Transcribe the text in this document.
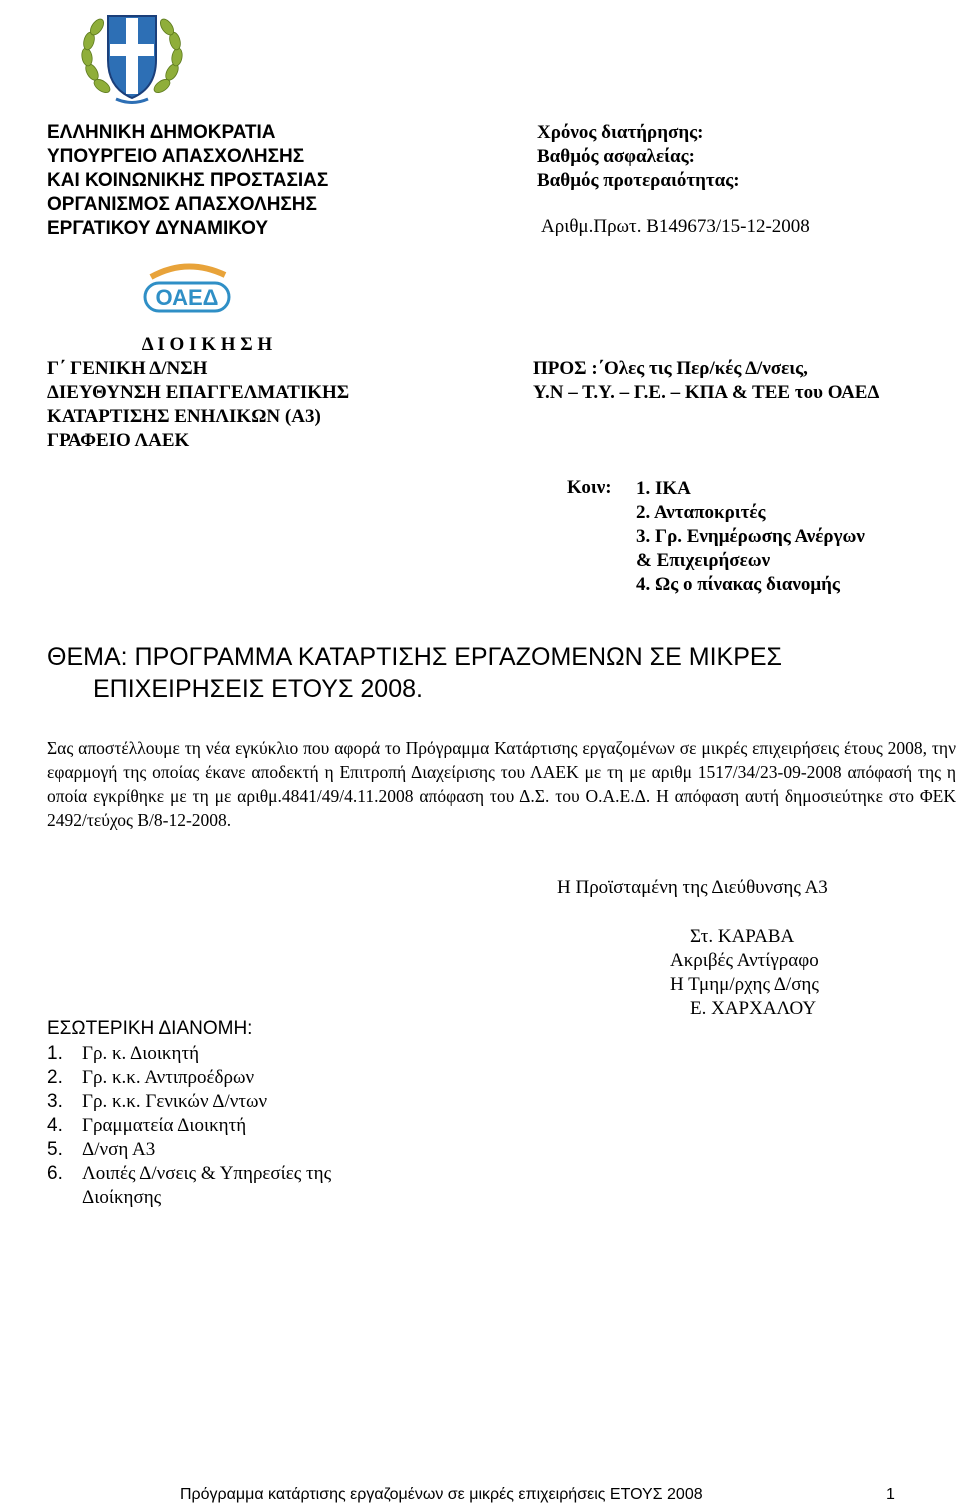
ΕΛΛΗΝΙΚΗ ΔΗΜΟΚΡΑΤΙΑ
ΥΠΟΥΡΓΕΙΟ ΑΠΑΣΧΟΛΗΣΗΣ
ΚΑΙ ΚΟΙΝΩΝΙΚΗΣ ΠΡΟΣΤΑΣΙΑΣ
ΟΡΓΑΝΙΣΜΟΣ ΑΠΑΣΧΟΛΗΣΗΣ
ΕΡΓΑΤΙΚΟΥ ΔΥΝΑΜΙΚΟΥ
Χρόνος διατήρησης:
Βαθμός ασφαλείας:
Βαθμός προτεραιότητας:
Αριθμ.Πρωτ. Β149673/15-12-2008
ΟΑΕΔ
Δ Ι Ο Ι Κ Η Σ Η
Γ΄ ΓΕΝΙΚΗ Δ/ΝΣΗ
ΔΙΕΥΘΥΝΣΗ ΕΠΑΓΓΕΛΜΑΤΙΚΗΣ
ΚΑΤΑΡΤΙΣΗΣ ΕΝΗΛΙΚΩΝ (Α3)
ΓΡΑΦΕΙΟ ΛΑΕΚ
ΠΡΟΣ :΄Ολες τις Περ/κές Δ/νσεις,
Υ.Ν – Τ.Υ. – Γ.Ε. – ΚΠΑ & ΤΕΕ του ΟΑΕΔ
Κοιν: 1. ΙΚΑ
2. Ανταποκριτές
3. Γρ. Ενημέρωσης Ανέργων
& Επιχειρήσεων
4. Ως ο πίνακας διανομής
ΘΕΜΑ: ΠΡΟΓΡΑΜΜΑ ΚΑΤΑΡΤΙΣΗΣ ΕΡΓΑΖΟΜΕΝΩΝ ΣΕ ΜΙΚΡΕΣ
ΕΠΙΧΕΙΡΗΣΕΙΣ ΕΤΟΥΣ 2008.
Σας αποστέλλουμε τη νέα εγκύκλιο που αφορά το Πρόγραμμα Κατάρτισης εργαζομένων σε μικρές επιχειρήσεις έτους 2008, την εφαρμογή της οποίας έκανε αποδεκτή η Επιτροπή Διαχείρισης του ΛΑΕΚ με τη με αριθμ 1517/34/23-09-2008 απόφασή της η οποία εγκρίθηκε με τη με αριθμ.4841/49/4.11.2008 απόφαση του Δ.Σ. του Ο.Α.Ε.Δ. Η απόφαση αυτή δημοσιεύτηκε στο ΦΕΚ 2492/τεύχος Β/8-12-2008.
Η Προϊσταμένη της Διεύθυνσης Α3
Στ. ΚΑΡΑΒΑ
Ακριβές Αντίγραφο
Η Τμημ/ρχης Δ/σης
Ε. ΧΑΡΧΑΛΟΥ
ΕΣΩΤΕΡΙΚΗ ΔΙΑΝΟΜΗ:
1.	Γρ. κ. Διοικητή
2.	Γρ. κ.κ. Αντιπροέδρων
3.	Γρ. κ.κ. Γενικών Δ/ντων
4.	Γραμματεία Διοικητή
5.	Δ/νση Α3
6.	Λοιπές Δ/νσεις & Υπηρεσίες της
Διοίκησης
Πρόγραμμα κατάρτισης εργαζομένων σε μικρές επιχειρήσεις ΕΤΟΥΣ 2008	1
